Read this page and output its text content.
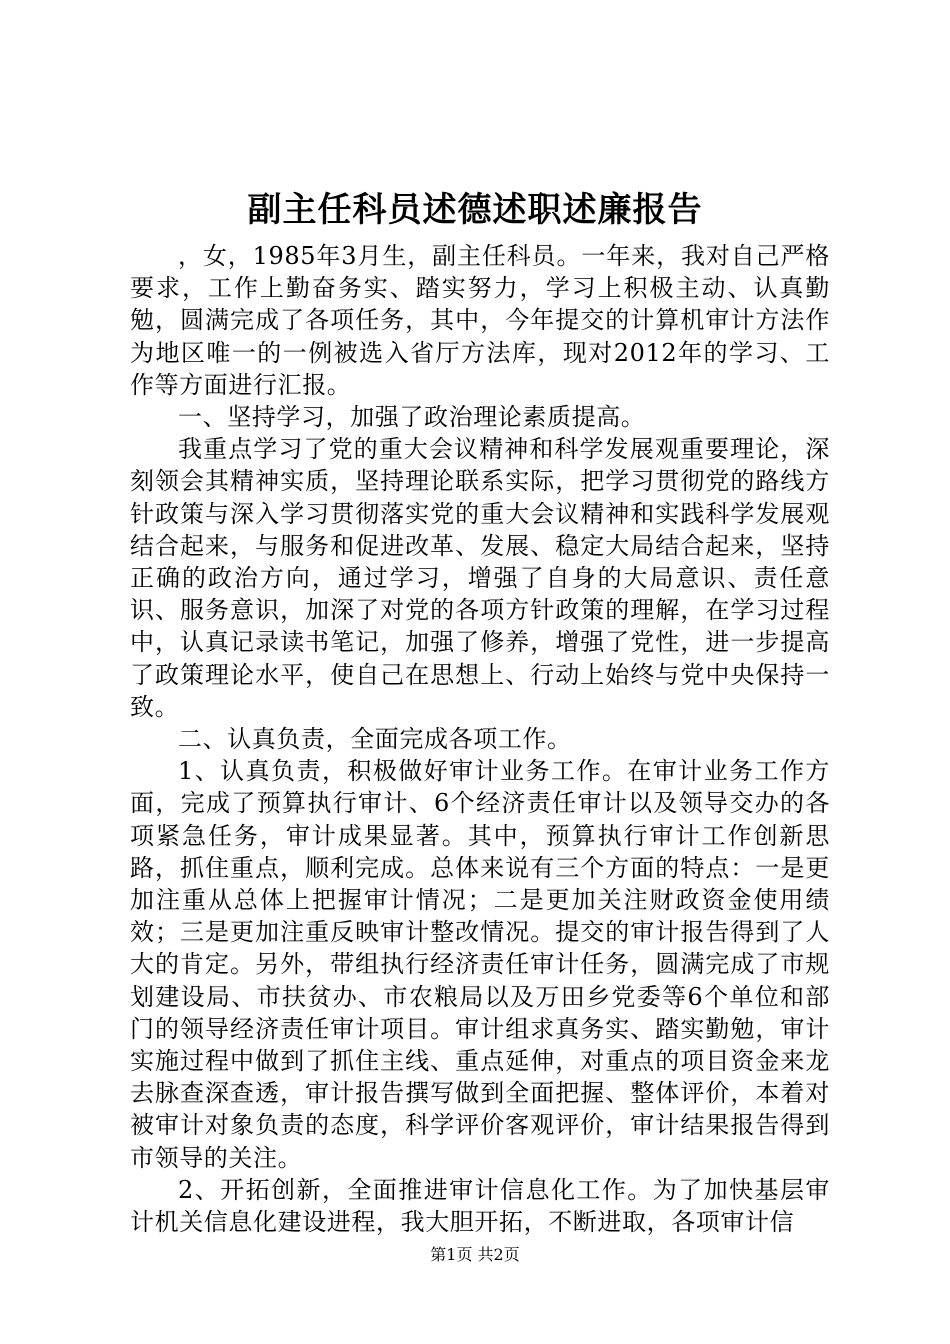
副主任科员述德述职述廉报告

，女，1985年3月生，副主任科员。一年来，我对自己严格要求，工作上勤奋务实、踏实努力，学习上积极主动、认真勤勉，圆满完成了各项任务，其中，今年提交的计算机审计方法作为地区唯一的一例被选入省厅方法库，现对2012年的学习、工作等方面进行汇报。

一、坚持学习，加强了政治理论素质提高。

我重点学习了党的重大会议精神和科学发展观重要理论，深刻领会其精神实质，坚持理论联系实际，把学习贯彻党的路线方针政策与深入学习贯彻落实党的重大会议精神和实践科学发展观结合起来，与服务和促进改革、发展、稳定大局结合起来，坚持正确的政治方向，通过学习，增强了自身的大局意识、责任意识、服务意识，加深了对党的各项方针政策的理解，在学习过程中，认真记录读书笔记，加强了修养，增强了党性，进一步提高了政策理论水平，使自己在思想上、行动上始终与党中央保持一致。

二、认真负责，全面完成各项工作。

1、认真负责，积极做好审计业务工作。在审计业务工作方面，完成了预算执行审计、6个经济责任审计以及领导交办的各项紧急任务，审计成果显著。其中，预算执行审计工作创新思路，抓住重点，顺利完成。总体来说有三个方面的特点：一是更加注重从总体上把握审计情况；二是更加关注财政资金使用绩效；三是更加注重反映审计整改情况。提交的审计报告得到了人大的肯定。另外，带组执行经济责任审计任务，圆满完成了市规划建设局、市扶贫办、市农粮局以及万田乡党委等6个单位和部门的领导经济责任审计项目。审计组求真务实、踏实勤勉，审计实施过程中做到了抓住主线、重点延伸，对重点的项目资金来龙去脉查深查透，审计报告撰写做到全面把握、整体评价，本着对被审计对象负责的态度，科学评价客观评价，审计结果报告得到市领导的关注。

2、开拓创新，全面推进审计信息化工作。为了加快基层审计机关信息化建设进程，我大胆开拓，不断进取，各项审计信

第1页 共2页
